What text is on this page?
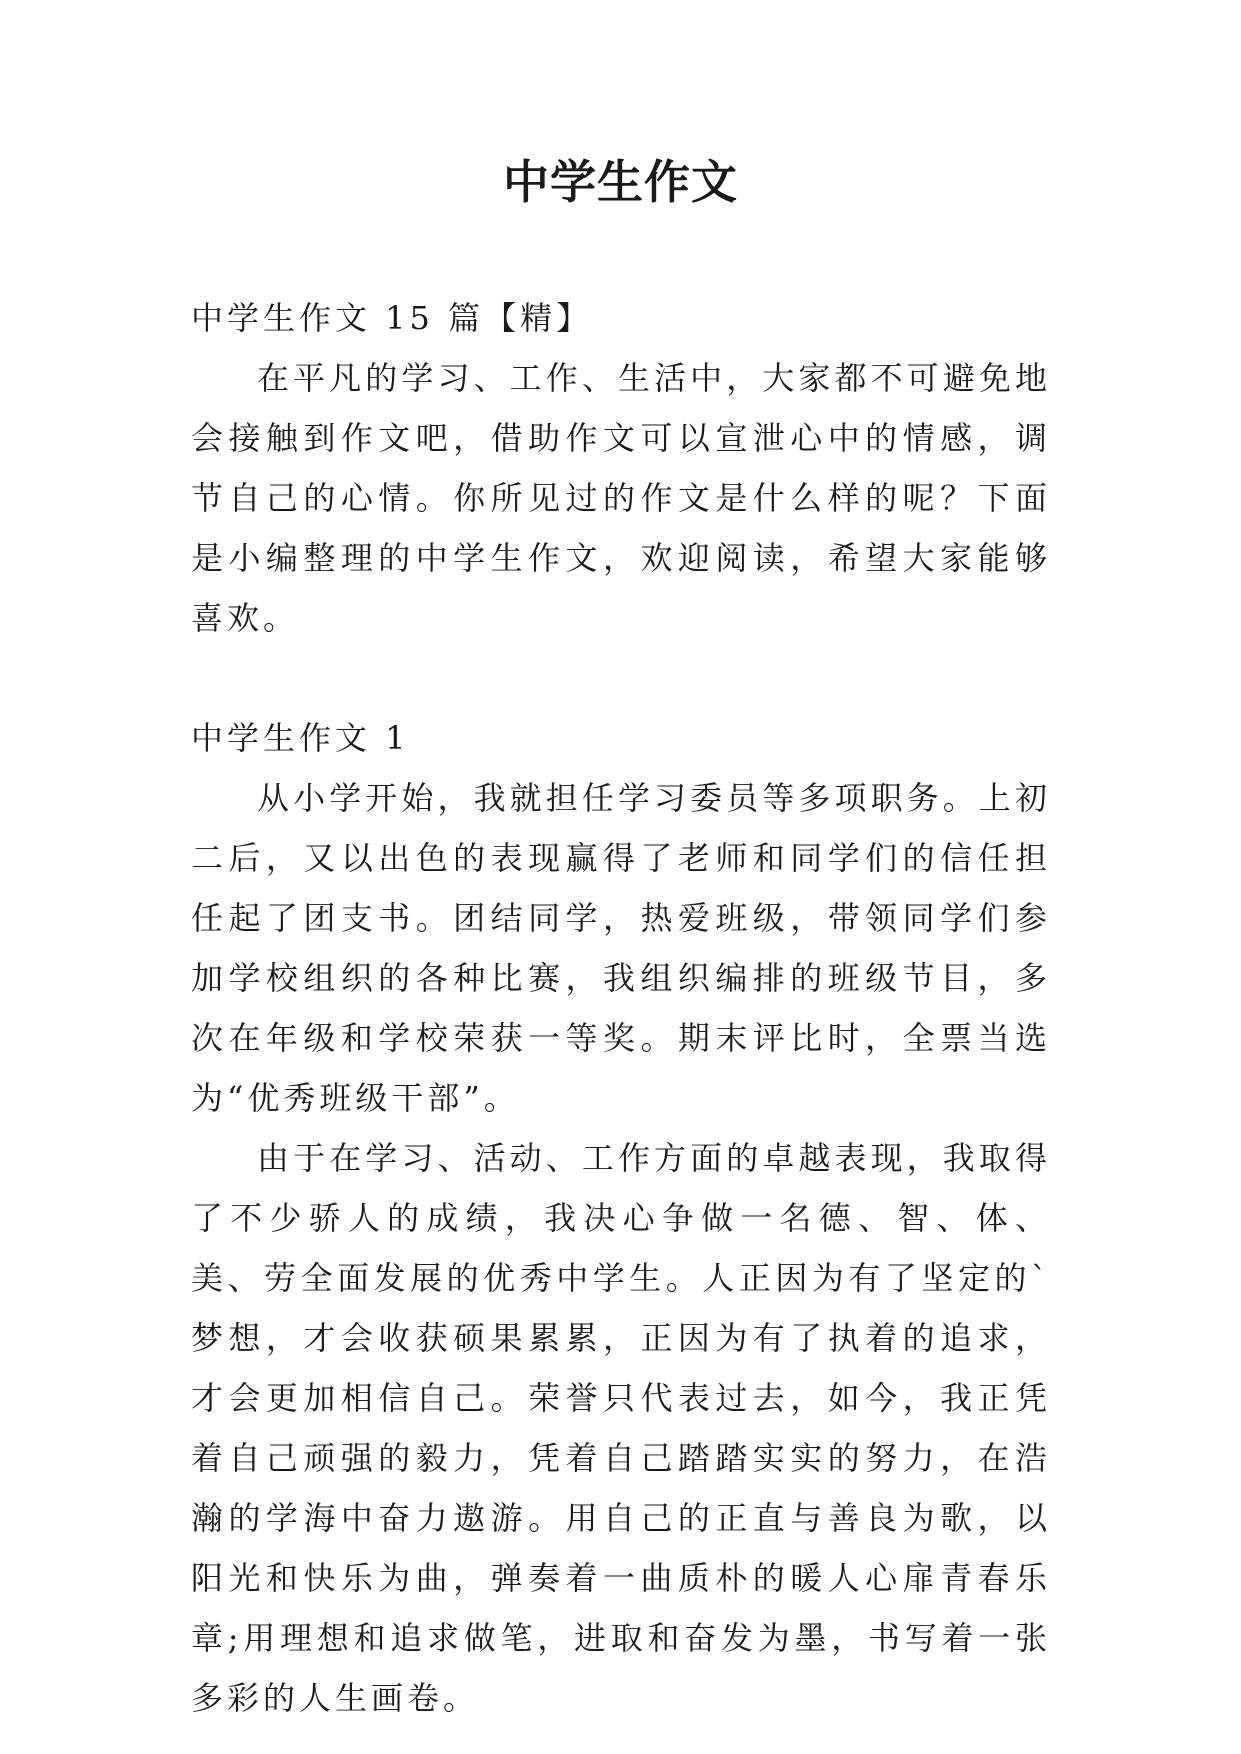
中学生作文

中学生作文 15 篇【精】

在平凡的学习、工作、生活中，大家都不可避免地会接触到作文吧，借助作文可以宣泄心中的情感，调节自己的心情。你所见过的作文是什么样的呢？下面是小编整理的中学生作文，欢迎阅读，希望大家能够喜欢。

中学生作文 1

从小学开始，我就担任学习委员等多项职务。上初二后，又以出色的表现赢得了老师和同学们的信任担任起了团支书。团结同学，热爱班级，带领同学们参加学校组织的各种比赛，我组织编排的班级节目，多次在年级和学校荣获一等奖。期末评比时，全票当选为“优秀班级干部”。

由于在学习、活动、工作方面的卓越表现，我取得了不少骄人的成绩，我决心争做一名德、智、体、美、劳全面发展的优秀中学生。人正因为有了坚定的`梦想，才会收获硕果累累，正因为有了执着的追求，才会更加相信自己。荣誉只代表过去，如今，我正凭着自己顽强的毅力，凭着自己踏踏实实的努力，在浩瀚的学海中奋力遨游。用自己的正直与善良为歌，以阳光和快乐为曲，弹奏着一曲质朴的暖人心扉青春乐章;用理想和追求做笔，进取和奋发为墨，书写着一张多彩的人生画卷。
